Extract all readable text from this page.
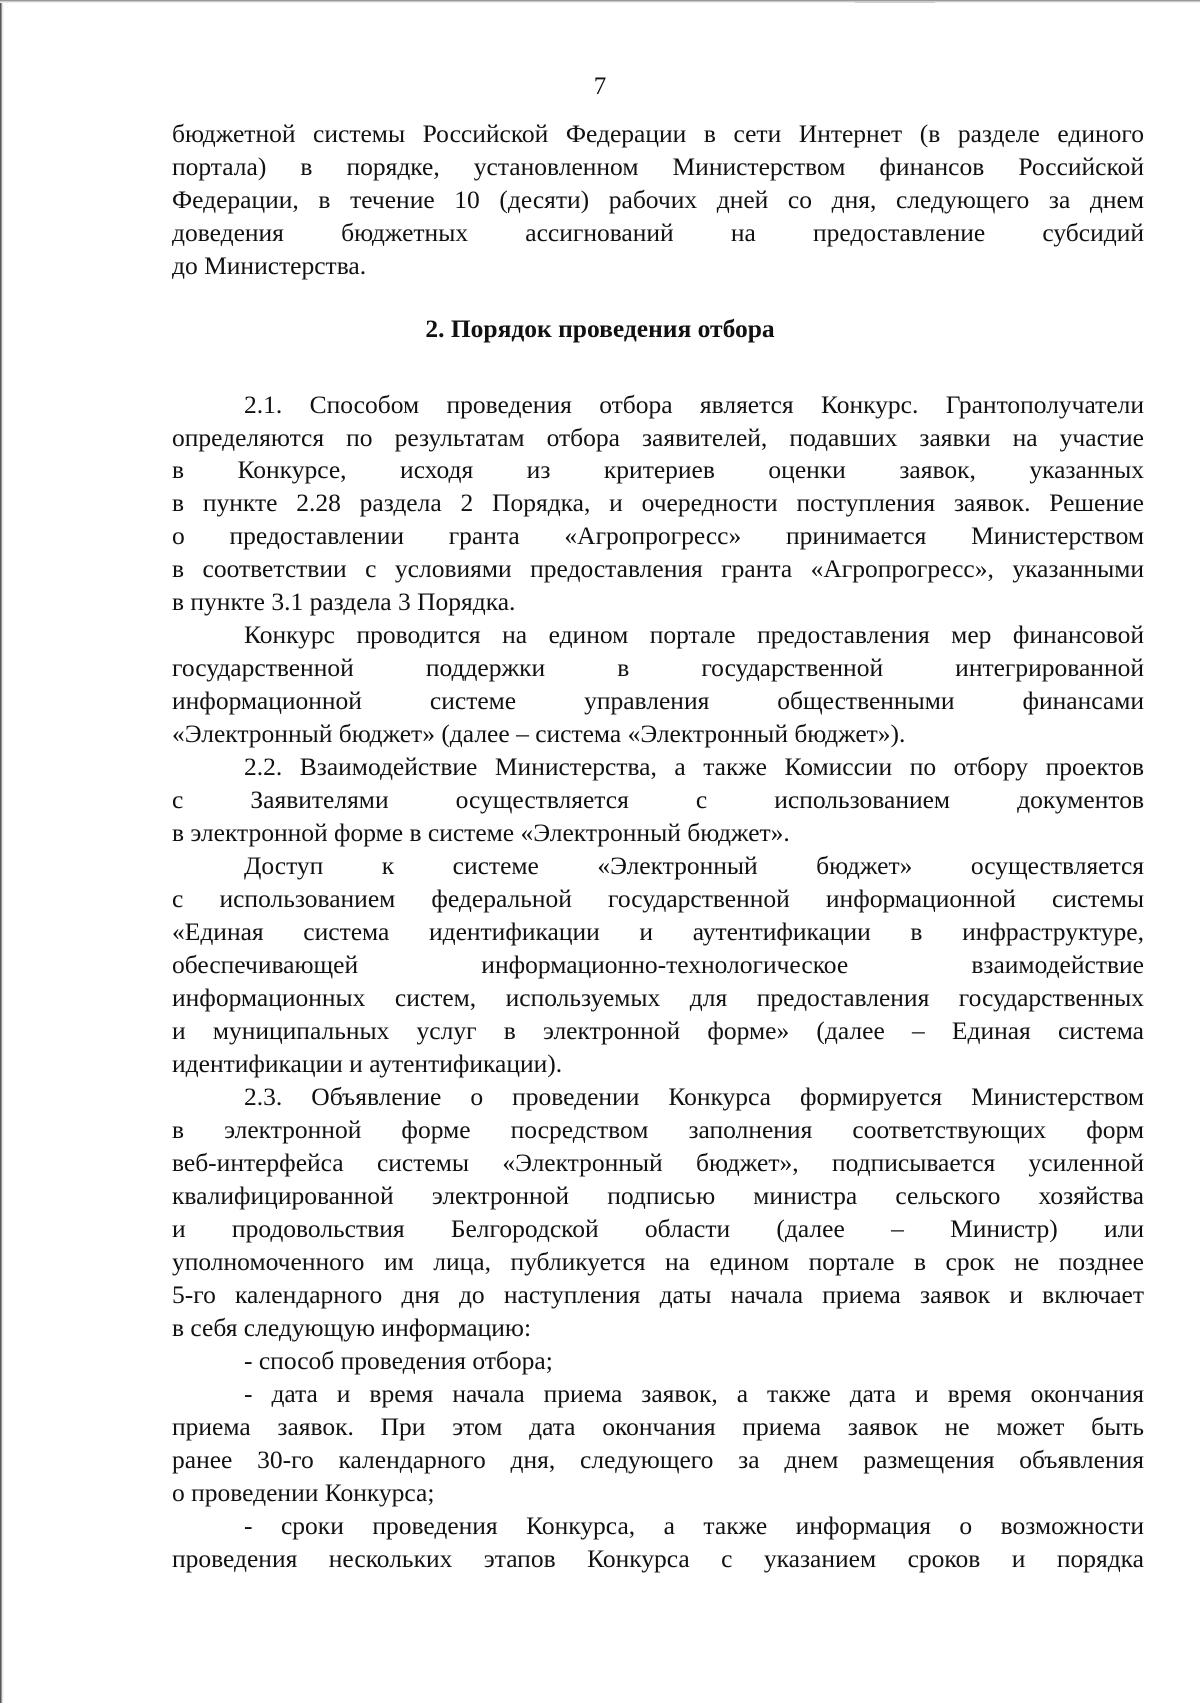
7
бюджетной системы Российской Федерации в сети Интернет (в разделе единого
портала) в порядке, установленном Министерством финансов Российской
Федерации, в течение 10 (десяти) рабочих дней со дня, следующего за днем
доведения бюджетных ассигнований на предоставление субсидий
до Министерства.
2. Порядок проведения отбора
2.1. Способом проведения отбора является Конкурс. Грантополучатели
определяются по результатам отбора заявителей, подавших заявки на участие
в Конкурсе, исходя из критериев оценки заявок, указанных
в пункте 2.28 раздела 2 Порядка, и очередности поступления заявок. Решение
о предоставлении гранта «Агропрогресс» принимается Министерством
в соответствии с условиями предоставления гранта «Агропрогресс», указанными
в пункте 3.1 раздела 3 Порядка.
Конкурс проводится на едином портале предоставления мер финансовой
государственной поддержки в государственной интегрированной
информационной системе управления общественными финансами
«Электронный бюджет» (далее – система «Электронный бюджет»).
2.2. Взаимодействие Министерства, а также Комиссии по отбору проектов
с Заявителями осуществляется с использованием документов
в электронной форме в системе «Электронный бюджет».
Доступ к системе «Электронный бюджет» осуществляется
с использованием федеральной государственной информационной системы
«Единая система идентификации и аутентификации в инфраструктуре,
обеспечивающей информационно-технологическое взаимодействие
информационных систем, используемых для предоставления государственных
и муниципальных услуг в электронной форме» (далее – Единая система
идентификации и аутентификации).
2.3. Объявление о проведении Конкурса формируется Министерством
в электронной форме посредством заполнения соответствующих форм
веб-интерфейса системы «Электронный бюджет», подписывается усиленной
квалифицированной электронной подписью министра сельского хозяйства
и продовольствия Белгородской области (далее – Министр) или
уполномоченного им лица, публикуется на едином портале в срок не позднее
5-го календарного дня до наступления даты начала приема заявок и включает
в себя следующую информацию:
- способ проведения отбора;
- дата и время начала приема заявок, а также дата и время окончания
приема заявок. При этом дата окончания приема заявок не может быть
ранее 30-го календарного дня, следующего за днем размещения объявления
о проведении Конкурса;
- сроки проведения Конкурса, а также информация о возможности
проведения нескольких этапов Конкурса с указанием сроков и порядка
